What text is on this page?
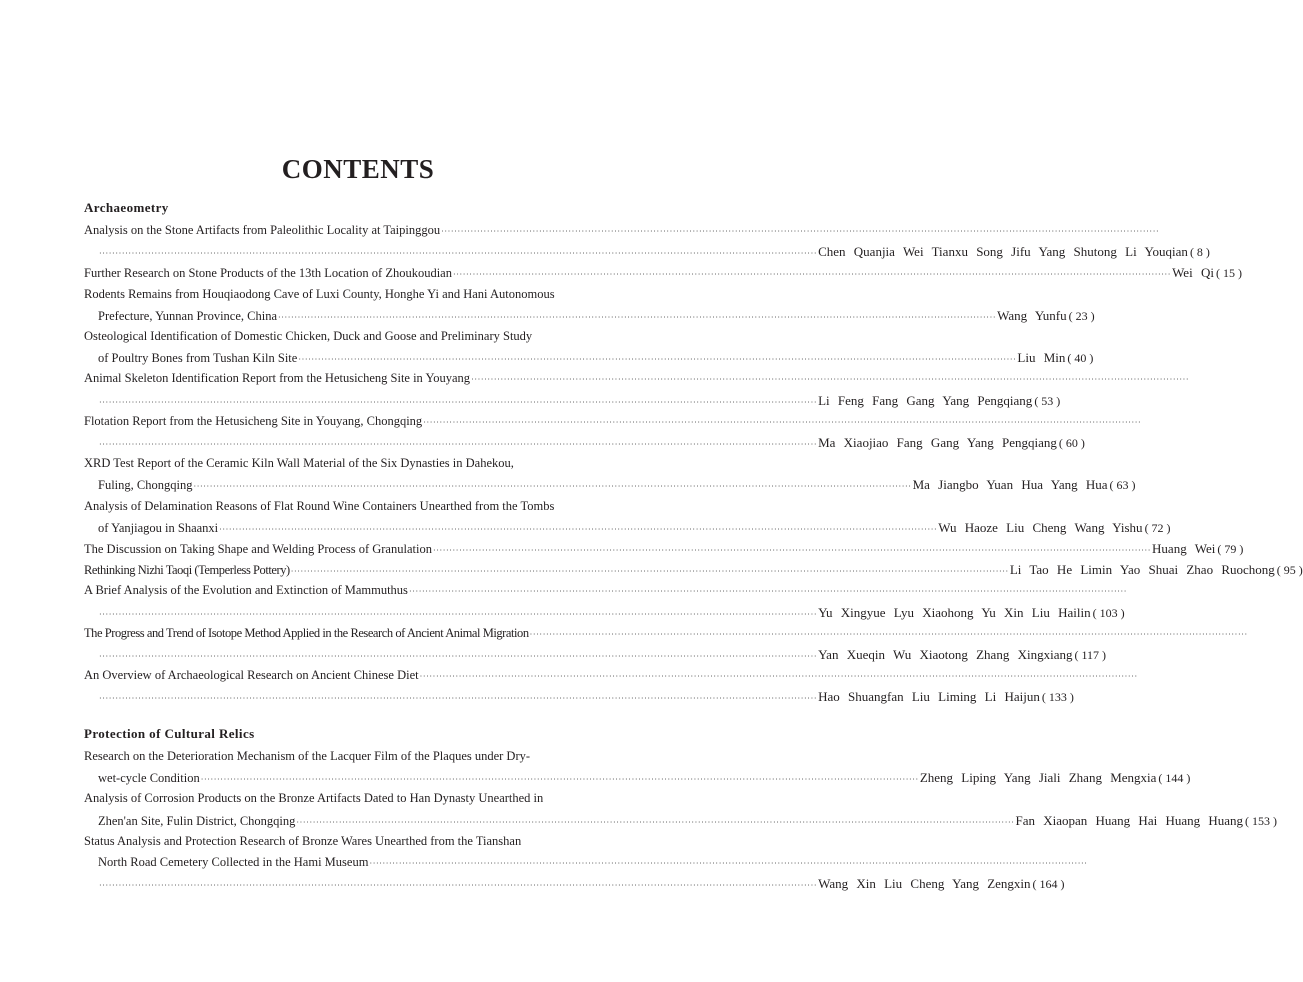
CONTENTS
Archaeometry
Analysis on the Stone Artifacts from Paleolithic Locality at Taipinggou ····························································································································································································································
···························································································································································································································· Chen Quanjia Wei Tianxu Song Jifu Yang Shutong Li Youqian ( 8 )
Further Research on Stone Products of the 13th Location of Zhoukoudian ···························································································································································································································· Wei Qi ( 15 )
Rodents Remains from Houqiaodong Cave of Luxi County, Honghe Yi and Hani Autonomous
Prefecture, Yunnan Province, China ···························································································································································································································· Wang Yunfu ( 23 )
Osteological Identification of Domestic Chicken, Duck and Goose and Preliminary Study
of Poultry Bones from Tushan Kiln Site ···························································································································································································································· Liu Min ( 40 )
Animal Skeleton Identification Report from the Hetusicheng Site in Youyang ····························································································································································································································
···························································································································································································································· Li Feng Fang Gang Yang Pengqiang ( 53 )
Flotation Report from the Hetusicheng Site in Youyang, Chongqing ····························································································································································································································
···························································································································································································································· Ma Xiaojiao Fang Gang Yang Pengqiang ( 60 )
XRD Test Report of the Ceramic Kiln Wall Material of the Six Dynasties in Dahekou,
Fuling, Chongqing ···························································································································································································································· Ma Jiangbo Yuan Hua Yang Hua ( 63 )
Analysis of Delamination Reasons of Flat Round Wine Containers Unearthed from the Tombs
of Yanjiagou in Shaanxi ···························································································································································································································· Wu Haoze Liu Cheng Wang Yishu ( 72 )
The Discussion on Taking Shape and Welding Process of Granulation ···························································································································································································································· Huang Wei ( 79 )
Rethinking Nizhi Taoqi (Temperless Pottery) ···························································································································································································································· Li Tao He Limin Yao Shuai Zhao Ruochong ( 95 )
A Brief Analysis of the Evolution and Extinction of Mammuthus ····························································································································································································································
···························································································································································································································· Yu Xingyue Lyu Xiaohong Yu Xin Liu Hailin ( 103 )
The Progress and Trend of Isotope Method Applied in the Research of Ancient Animal Migration ····························································································································································································································
···························································································································································································································· Yan Xueqin Wu Xiaotong Zhang Xingxiang ( 117 )
An Overview of Archaeological Research on Ancient Chinese Diet ····························································································································································································································
···························································································································································································································· Hao Shuangfan Liu Liming Li Haijun ( 133 )
Protection of Cultural Relics
Research on the Deterioration Mechanism of the Lacquer Film of the Plaques under Dry-
wet-cycle Condition ···························································································································································································································· Zheng Liping Yang Jiali Zhang Mengxia ( 144 )
Analysis of Corrosion Products on the Bronze Artifacts Dated to Han Dynasty Unearthed in
Zhen'an Site, Fulin District, Chongqing ···························································································································································································································· Fan Xiaopan Huang Hai Huang Huang ( 153 )
Status Analysis and Protection Research of Bronze Wares Unearthed from the Tianshan
North Road Cemetery Collected in the Hami Museum ····························································································································································································································
···························································································································································································································· Wang Xin Liu Cheng Yang Zengxin ( 164 )
